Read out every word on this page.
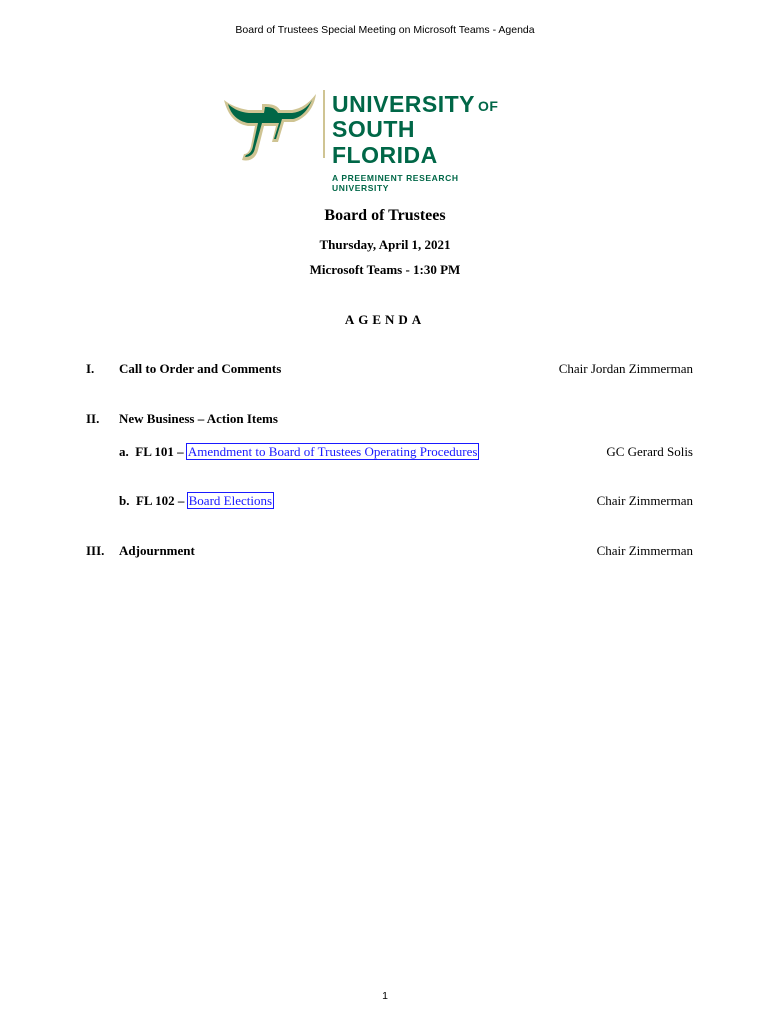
Board of Trustees Special Meeting on Microsoft Teams - Agenda
UNIVERSITY $^{OF}$
SOUTH FLORIDA
A PREEMINENT RESEARCH UNIVERSITY
Board of Trustees
Thursday, April 1, 2021
Microsoft Teams - 1:30 PM
AGENDA
I. Call to Order and Comments	Chair Jordan Zimmerman
II. New Business – Action Items
a. FL 101 – Amendment to Board of Trustees Operating Procedures	GC Gerard Solis
b. FL 102 – Board Elections	Chair Zimmerman
III. Adjournment	Chair Zimmerman
1
